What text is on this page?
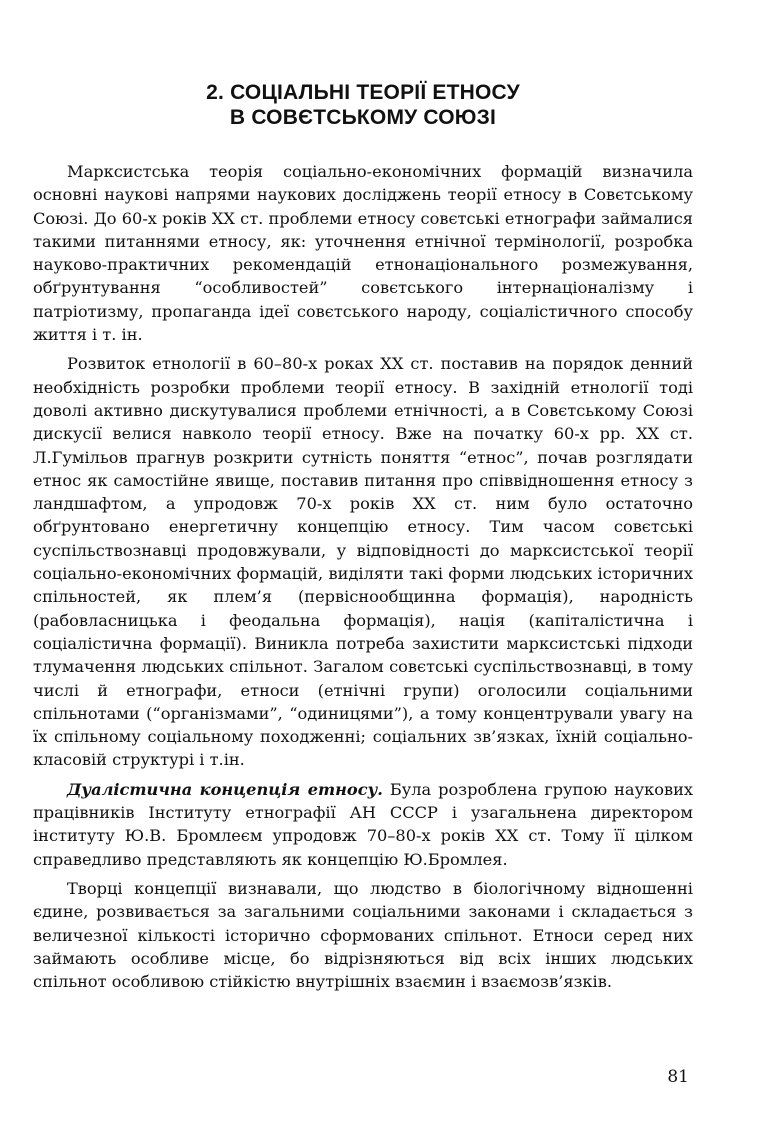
2. СОЦІАЛЬНІ ТЕОРІЇ ЕТНОСУ
В СОВЄТСЬКОМУ СОЮЗІ

Марксистська теорія соціально-економічних формацій визначила основні наукові напрями наукових досліджень теорії етносу в Совєтському Союзі. До 60-х років XX ст. проблеми етносу совєтські етнографи займалися такими питаннями етносу, як: уточнення етнічної термінології, розробка науково-практичних рекомендацій етнонаціонального розмежування, обґрунтування “особливостей” совєтського інтернаціоналізму і патріотизму, пропаганда ідеї совєтського народу, соціалістичного способу життя і т. ін.

Розвиток етнології в 60–80-х роках XX ст. поставив на порядок денний необхідність розробки проблеми теорії етносу. В західній етнології тоді доволі активно дискутувалися проблеми етнічності, а в Совєтському Союзі дискусії велися навколо теорії етносу. Вже на початку 60-х рр. XX ст. Л.Гумільов прагнув розкрити сутність поняття “етнос”, почав розглядати етнос як самостійне явище, поставив питання про співвідношення етносу з ландшафтом, а упродовж 70-х років XX ст. ним було остаточно обґрунтовано енергетичну концепцію етносу. Тим часом совєтські суспільствознавці продовжували, у відповідності до марксистської теорії соціально-економічних формацій, виділяти такі форми людських історичних спільностей, як плем’я (первіснообщинна формація), народність (рабовласницька і феодальна формація), нація (капіталістична і соціалістична формації). Виникла потреба захистити марксистські підходи тлумачення людських спільнот. Загалом совєтські суспільствознавці, в тому числі й етнографи, етноси (етнічні групи) оголосили соціальними спільнотами (“організмами”, “одиницями”), а тому концентрували увагу на їх спільному соціальному походженні; соціальних зв’язках, їхній соціально-класовій структурі і т.ін.

Дуалістична концепція етносу. Була розроблена групою наукових працівників Інституту етнографії АН СССР і узагальнена директором інституту Ю.В. Бромлеєм упродовж 70–80-х років XX ст. Тому її цілком справедливо представляють як концепцію Ю.Бромлея.

Творці концепції визнавали, що людство в біологічному відношенні єдине, розвивається за загальними соціальними законами і складається з величезної кількості історично сформованих спільнот. Етноси серед них займають особливе місце, бо відрізняються від всіх інших людських спільнот особливою стійкістю внутрішніх взаємин і взаємозв’язків.

81
